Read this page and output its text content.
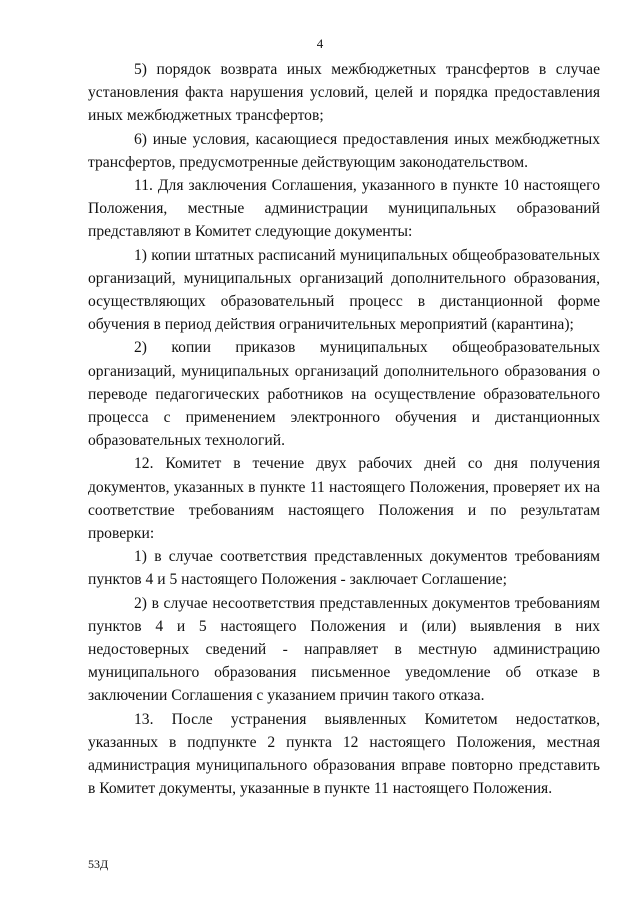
4

5) порядок возврата иных межбюджетных трансфертов в случае установления факта нарушения условий, целей и порядка предоставления иных межбюджетных трансфертов;

6) иные условия, касающиеся предоставления иных межбюджетных трансфертов, предусмотренные действующим законодательством.

11. Для заключения Соглашения, указанного в пункте 10 настоящего Положения, местные администрации муниципальных образований представляют в Комитет следующие документы:

1) копии штатных расписаний муниципальных общеобразовательных организаций, муниципальных организаций дополнительного образования, осуществляющих образовательный процесс в дистанционной форме обучения в период действия ограничительных мероприятий (карантина);

2) копии приказов муниципальных общеобразовательных организаций, муниципальных организаций дополнительного образования о переводе педагогических работников на осуществление образовательного процесса с применением электронного обучения и дистанционных образовательных технологий.

12. Комитет в течение двух рабочих дней со дня получения документов, указанных в пункте 11 настоящего Положения, проверяет их на соответствие требованиям настоящего Положения и по результатам проверки:

1) в случае соответствия представленных документов требованиям пунктов 4 и 5 настоящего Положения - заключает Соглашение;

2) в случае несоответствия представленных документов требованиям пунктов 4 и 5 настоящего Положения и (или) выявления в них недостоверных сведений - направляет в местную администрацию муниципального образования письменное уведомление об отказе в заключении Соглашения с указанием причин такого отказа.

13. После устранения выявленных Комитетом недостатков, указанных в подпункте 2 пункта 12 настоящего Положения, местная администрация муниципального образования вправе повторно представить в Комитет документы, указанные в пункте 11 настоящего Положения.

53Д
